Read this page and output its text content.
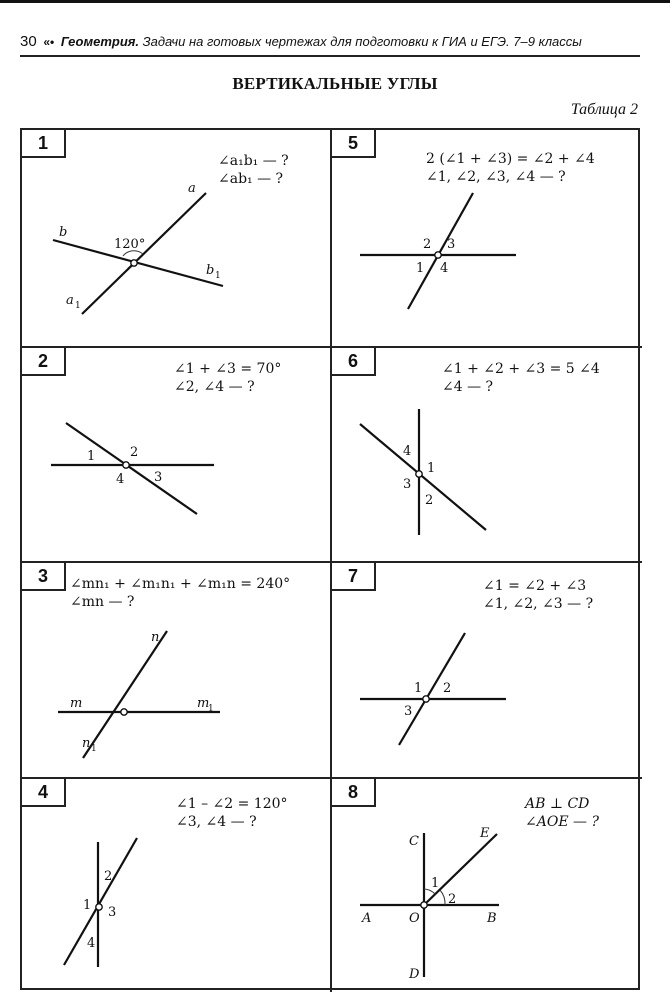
30 «• Геометрия. Задачи на готовых чертежах для подготовки к ГИА и ЕГЭ. 7–9 классы
ВЕРТИКАЛЬНЫЕ УГЛЫ
Таблица 2
1
∠a₁b₁ — ?
∠ab₁ — ?
a
b
120°
b 1
a 1
∠1 + ∠3 = 70°
∠2, ∠4 — ?
2
1	2
3
4
3	∠mn₁ + ∠m₁n₁ + ∠m₁n = 240°
∠mn — ?
n
m	m
1
n 1
4
∠1 – ∠2 = 120°
∠3, ∠4 — ?
2
1 3
4
5
2 (∠1 + ∠3) = ∠2 + ∠4
∠1, ∠2, ∠3, ∠4 — ?
2 3
1 4
6	∠1 + ∠2 + ∠3 = 5 ∠4
∠4 — ?
4
1
3
2
7	∠1 = ∠2 + ∠3
∠1, ∠2, ∠3 — ?
1 2
3
8
AB ⊥ CD
∠AOE — ?
C
E
1
2
A	O	B
D
